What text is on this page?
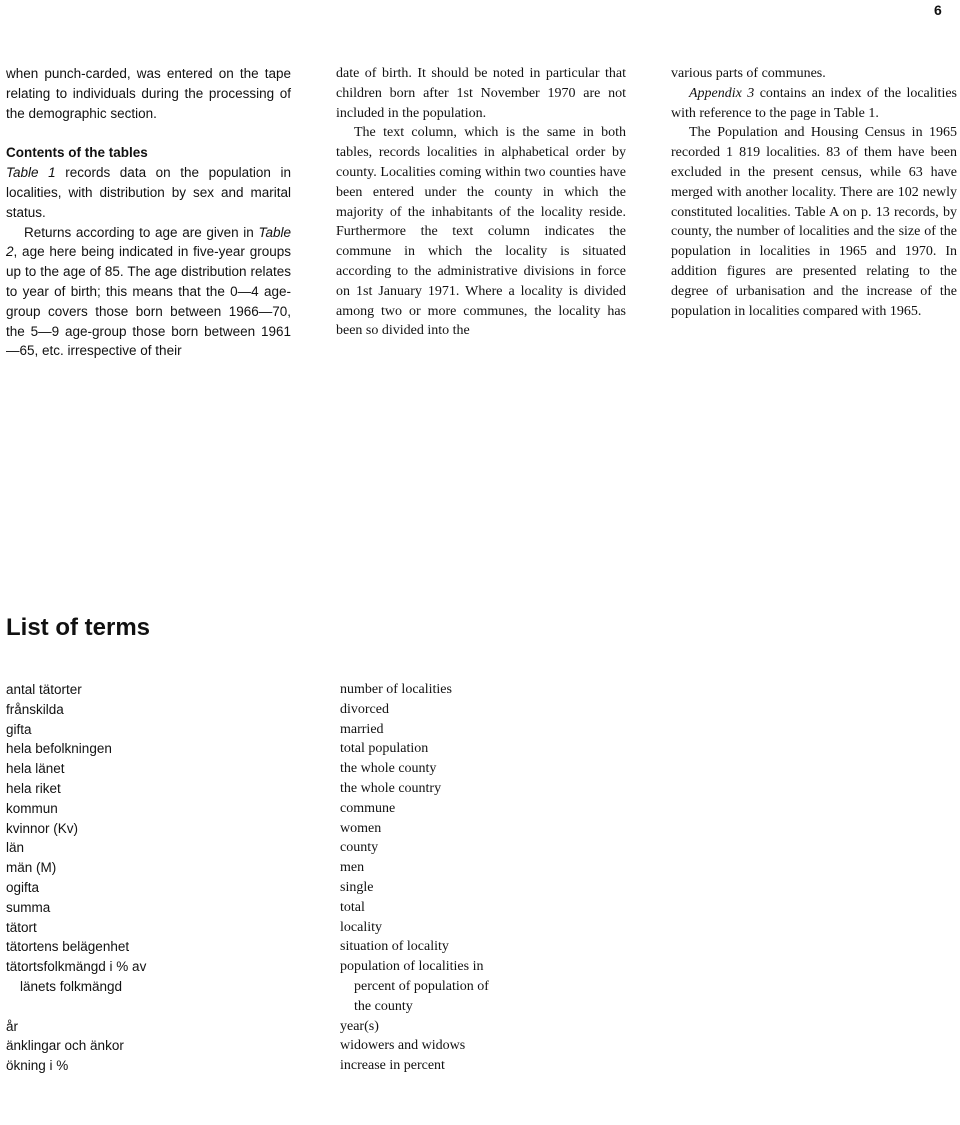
6

when punch-carded, was entered on the tape relating to individuals during the processing of the demographic section.

Contents of the tables

Table 1 records data on the population in localities, with distribution by sex and marital status.

Returns according to age are given in Table 2, age here being indicated in five-year groups up to the age of 85. The age distribution relates to year of birth; this means that the 0—4 age-group covers those born between 1966—70, the 5—9 age-group those born between 1961—65, etc. irrespective of their

date of birth. It should be noted in particular that children born after 1st November 1970 are not included in the population.

The text column, which is the same in both tables, records localities in alphabetical order by county. Localities coming within two counties have been entered under the county in which the majority of the inhabitants of the locality reside. Furthermore the text column indicates the commune in which the locality is situated according to the administrative divisions in force on 1st January 1971. Where a locality is divided among two or more communes, the locality has been so divided into the

various parts of communes.

Appendix 3 contains an index of the localities with reference to the page in Table 1.

The Population and Housing Census in 1965 recorded 1 819 localities. 83 of them have been excluded in the present census, while 63 have merged with another locality. There are 102 newly constituted localities. Table A on p. 13 records, by county, the number of localities and the size of the population in localities in 1965 and 1970. In addition figures are presented relating to the degree of urbanisation and the increase of the population in localities compared with 1965.

List of terms
antal tätorter
frånskilda
gifta
hela befolkningen
hela länet
hela riket
kommun
kvinnor (Kv)
län
män (M)
ogifta
summa
tätort
tätortens belägenhet
tätortsfolkmängd i % av
länets folkmängd

år
änklingar och änkor
ökning i %
number of localities
divorced
married
total population
the whole county
the whole country
commune
women
county
men
single
total
locality
situation of locality
population of localities in
percent of population of
the county
year(s)
widowers and widows
increase in percent
